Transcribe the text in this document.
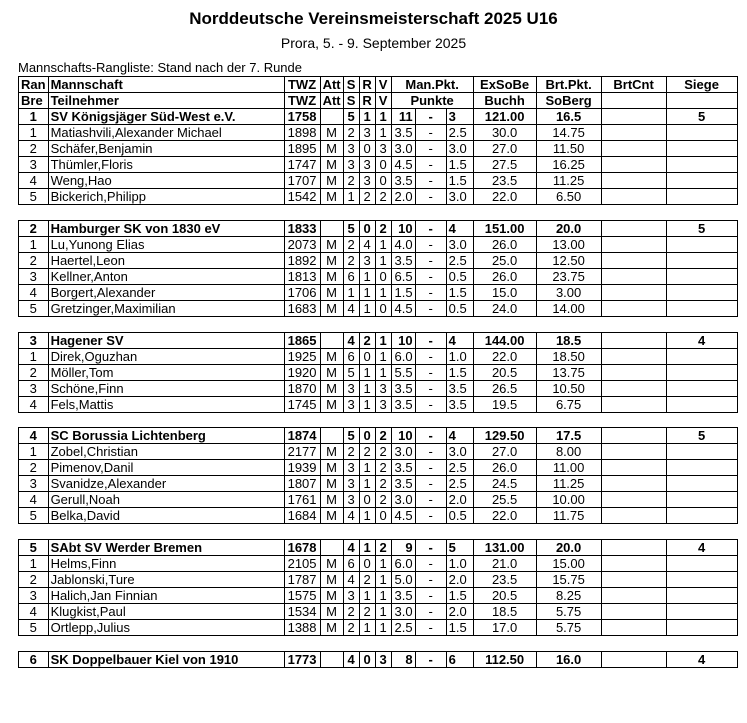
Norddeutsche Vereinsmeisterschaft 2025 U16
Prora, 5. - 9. September 2025
Mannschafts-Rangliste: Stand nach der 7. Runde
Ran	Mannschaft	TWZ	Att	S	R	V	Man.Pkt.			ExSoBe	Brt.Pkt.	BrtCnt	Siege
Bre	Teilnehmer	TWZ	Att	S	R	V	Punkte			Buchh	SoBerg		
1	SV Königsjäger Süd-West e.V.	1758		5	1	1	11	-	3	121.00	16.5		5
1	Matiashvili,Alexander Michael	1898	M	2	3	1	3.5	-	2.5	30.0	14.75		
2	Schäfer,Benjamin	1895	M	3	0	3	3.0	-	3.0	27.0	11.50		
3	Thümler,Floris	1747	M	3	3	0	4.5	-	1.5	27.5	16.25		
4	Weng,Hao	1707	M	2	3	0	3.5	-	1.5	23.5	11.25		
5	Bickerich,Philipp	1542	M	1	2	2	2.0	-	3.0	22.0	6.50		

2	Hamburger SK von 1830 eV	1833		5	0	2	10	-	4	151.00	20.0		5
1	Lu,Yunong Elias	2073	M	2	4	1	4.0	-	3.0	26.0	13.00		
2	Haertel,Leon	1892	M	2	3	1	3.5	-	2.5	25.0	12.50		
3	Kellner,Anton	1813	M	6	1	0	6.5	-	0.5	26.0	23.75		
4	Borgert,Alexander	1706	M	1	1	1	1.5	-	1.5	15.0	3.00		
5	Gretzinger,Maximilian	1683	M	4	1	0	4.5	-	0.5	24.0	14.00		

3	Hagener SV	1865		4	2	1	10	-	4	144.00	18.5		4
1	Direk,Oguzhan	1925	M	6	0	1	6.0	-	1.0	22.0	18.50		
2	Möller,Tom	1920	M	5	1	1	5.5	-	1.5	20.5	13.75		
3	Schöne,Finn	1870	M	3	1	3	3.5	-	3.5	26.5	10.50		
4	Fels,Mattis	1745	M	3	1	3	3.5	-	3.5	19.5	6.75		

4	SC Borussia Lichtenberg	1874		5	0	2	10	-	4	129.50	17.5		5
1	Zobel,Christian	2177	M	2	2	2	3.0	-	3.0	27.0	8.00		
2	Pimenov,Danil	1939	M	3	1	2	3.5	-	2.5	26.0	11.00		
3	Svanidze,Alexander	1807	M	3	1	2	3.5	-	2.5	24.5	11.25		
4	Gerull,Noah	1761	M	3	0	2	3.0	-	2.0	25.5	10.00		
5	Belka,David	1684	M	4	1	0	4.5	-	0.5	22.0	11.75		

5	SAbt SV Werder Bremen	1678		4	1	2	9	-	5	131.00	20.0		4
1	Helms,Finn	2105	M	6	0	1	6.0	-	1.0	21.0	15.00		
2	Jablonski,Ture	1787	M	4	2	1	5.0	-	2.0	23.5	15.75		
3	Halich,Jan Finnian	1575	M	3	1	1	3.5	-	1.5	20.5	8.25		
4	Klugkist,Paul	1534	M	2	2	1	3.0	-	2.0	18.5	5.75		
5	Ortlepp,Julius	1388	M	2	1	1	2.5	-	1.5	17.0	5.75		

6	SK Doppelbauer Kiel von 1910	1773		4	0	3	8	-	6	112.50	16.0		4
